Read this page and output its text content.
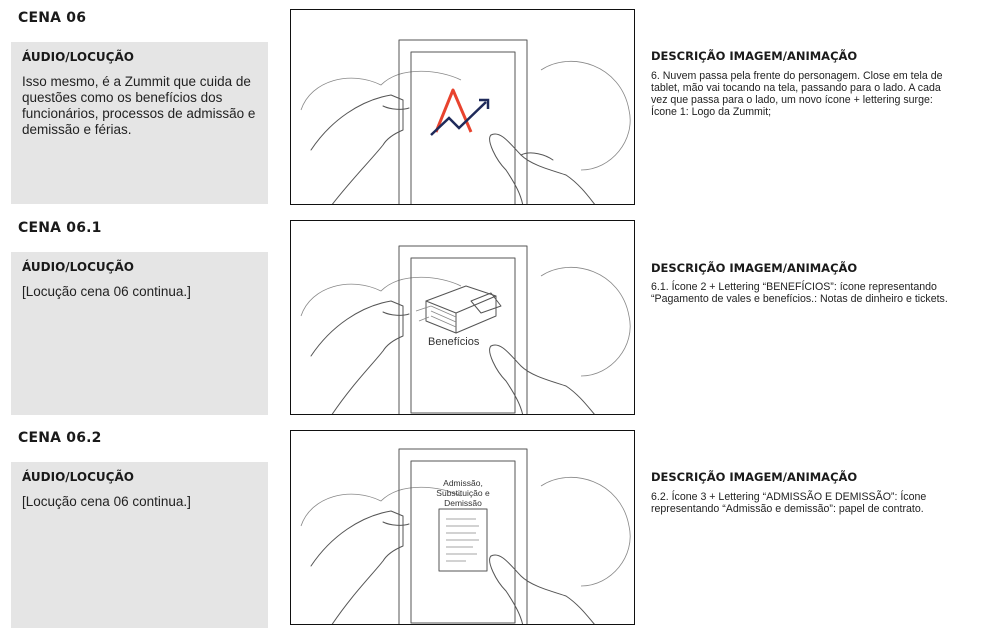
CENA 06
ÁUDIO/LOCUÇÃO
Isso mesmo, é a Zummit que cuida de questões como os benefícios dos funcionários, processos de admissão e demissão e férias.
DESCRIÇÃO IMAGEM/ANIMAÇÃO
6. Nuvem passa pela frente do personagem. Close em tela de tablet, mão vai tocando na tela, passando para o lado. A cada vez que passa para o lado, um novo ícone + lettering surge: Ícone 1: Logo da Zummit;
CENA 06.1
ÁUDIO/LOCUÇÃO
[Locução cena 06 continua.]
Benefícios
DESCRIÇÃO IMAGEM/ANIMAÇÃO
6.1. Ícone 2 + Lettering “BENEFÍCIOS”: ícone representando “Pagamento de vales e benefícios.: Notas de dinheiro e tickets.
CENA 06.2
ÁUDIO/LOCUÇÃO
[Locução cena 06 continua.]
Admissão,
Substituição e
Demissão
DESCRIÇÃO IMAGEM/ANIMAÇÃO
6.2. Ícone 3 + Lettering “ADMISSÃO E DEMISSÃO”: Ícone representando “Admissão e demissão”: papel de contrato.
